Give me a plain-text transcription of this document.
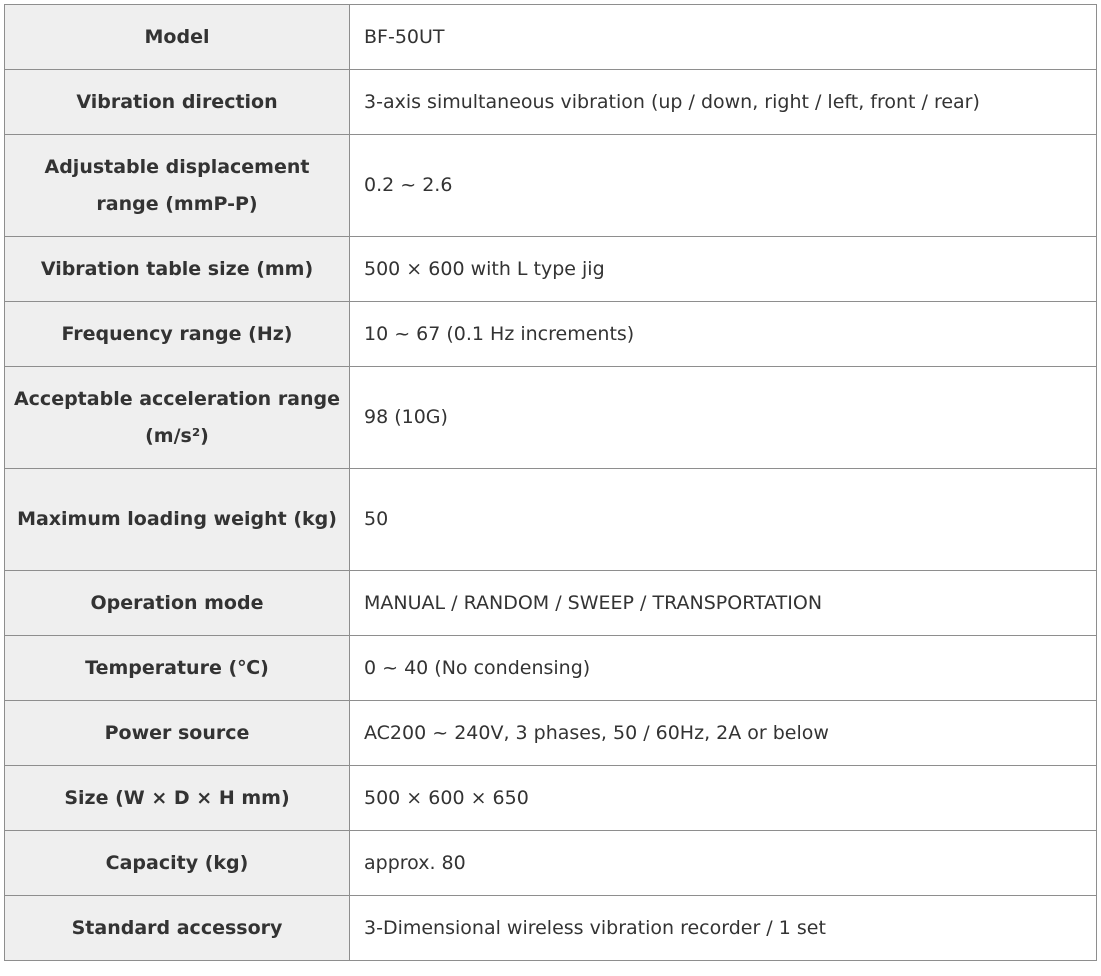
Model	BF-50UT
Vibration direction	3-axis simultaneous vibration (up / down, right / left, front / rear)
Adjustable displacement range (mmP-P)	0.2 ~ 2.6
Vibration table size (mm)	500 × 600 with L type jig
Frequency range (Hz)	10 ~ 67 (0.1 Hz increments)
Acceptable acceleration range (m/s²)	98 (10G)
Maximum loading weight (kg)	50
Operation mode	MANUAL / RANDOM / SWEEP / TRANSPORTATION
Temperature (℃)	0 ~ 40 (No condensing)
Power source	AC200 ~ 240V, 3 phases, 50 / 60Hz, 2A or below
Size (W × D × H mm)	500 × 600 × 650
Capacity (kg)	approx. 80
Standard accessory	3-Dimensional wireless vibration recorder / 1 set
